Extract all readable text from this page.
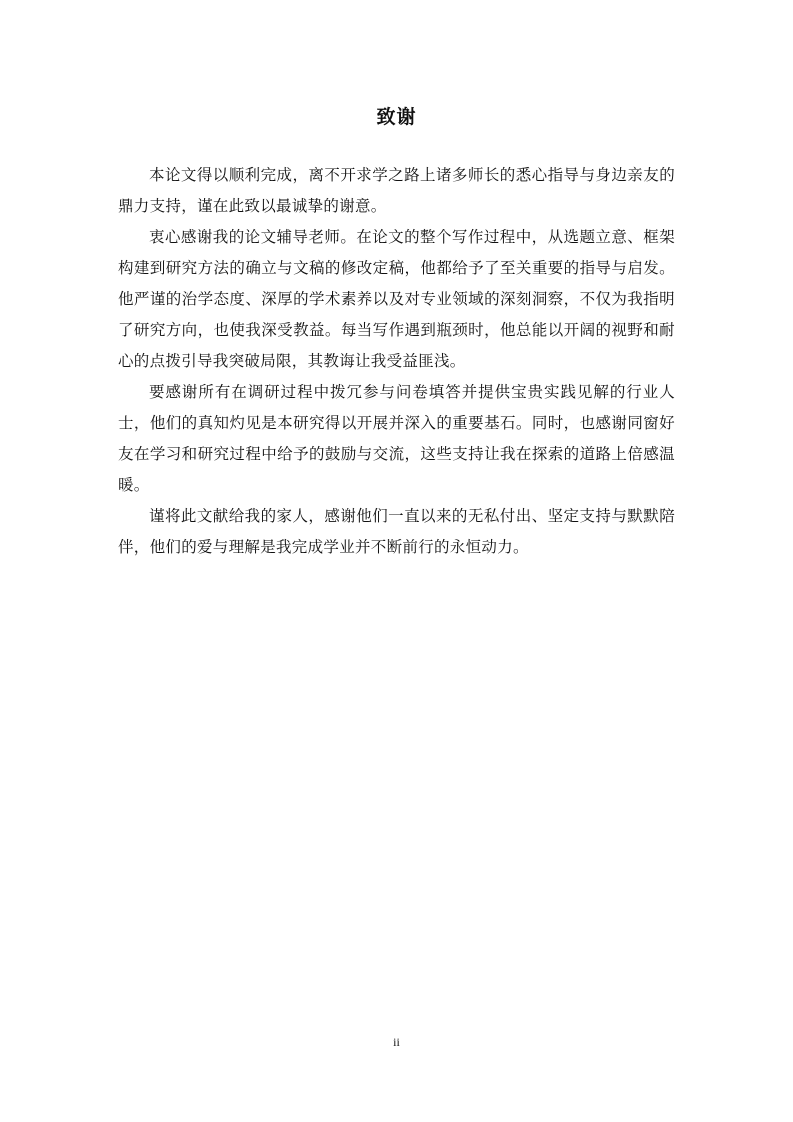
致谢

本论文得以顺利完成，离不开求学之路上诸多师长的悉心指导与身边亲友的鼎力支持，谨在此致以最诚挚的谢意。

衷心感谢我的论文辅导老师。在论文的整个写作过程中，从选题立意、框架构建到研究方法的确立与文稿的修改定稿，他都给予了至关重要的指导与启发。他严谨的治学态度、深厚的学术素养以及对专业领域的深刻洞察，不仅为我指明了研究方向，也使我深受教益。每当写作遇到瓶颈时，他总能以开阔的视野和耐心的点拨引导我突破局限，其教诲让我受益匪浅。

要感谢所有在调研过程中拨冗参与问卷填答并提供宝贵实践见解的行业人士，他们的真知灼见是本研究得以开展并深入的重要基石。同时，也感谢同窗好友在学习和研究过程中给予的鼓励与交流，这些支持让我在探索的道路上倍感温暖。

谨将此文献给我的家人，感谢他们一直以来的无私付出、坚定支持与默默陪伴，他们的爱与理解是我完成学业并不断前行的永恒动力。

ii
